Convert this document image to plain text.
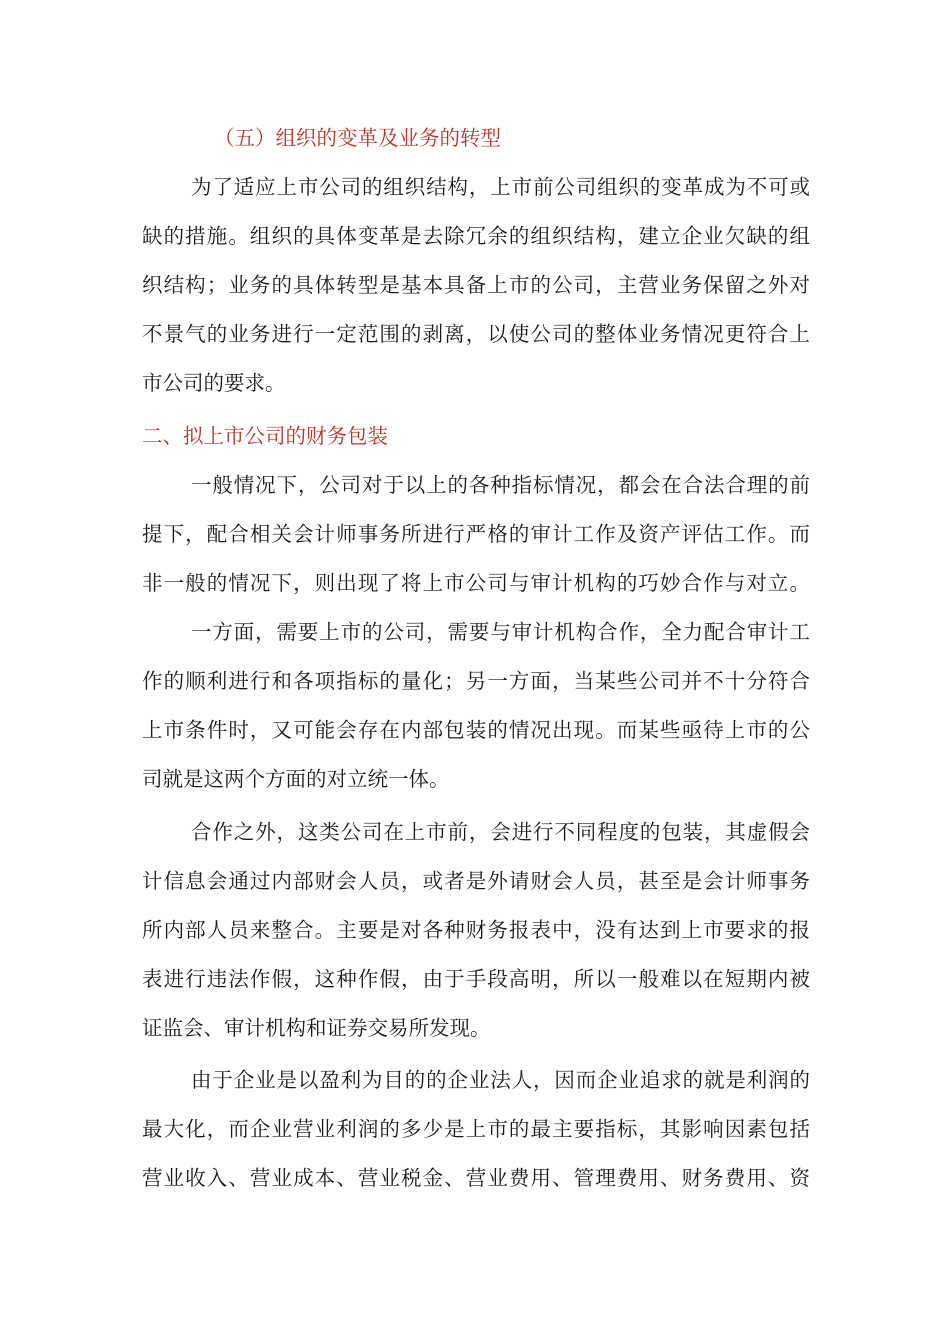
（五）组织的变革及业务的转型
为了适应上市公司的组织结构，上市前公司组织的变革成为不可或
缺的措施。组织的具体变革是去除冗余的组织结构，建立企业欠缺的组
织结构；业务的具体转型是基本具备上市的公司，主营业务保留之外对
不景气的业务进行一定范围的剥离，以使公司的整体业务情况更符合上
市公司的要求。
二、拟上市公司的财务包装
一般情况下，公司对于以上的各种指标情况，都会在合法合理的前
提下，配合相关会计师事务所进行严格的审计工作及资产评估工作。而
非一般的情况下，则出现了将上市公司与审计机构的巧妙合作与对立。
一方面，需要上市的公司，需要与审计机构合作，全力配合审计工
作的顺利进行和各项指标的量化；另一方面，当某些公司并不十分符合
上市条件时，又可能会存在内部包装的情况出现。而某些亟待上市的公
司就是这两个方面的对立统一体。
合作之外，这类公司在上市前，会进行不同程度的包装，其虚假会
计信息会通过内部财会人员，或者是外请财会人员，甚至是会计师事务
所内部人员来整合。主要是对各种财务报表中，没有达到上市要求的报
表进行违法作假，这种作假，由于手段高明，所以一般难以在短期内被
证监会、审计机构和证券交易所发现。
由于企业是以盈利为目的的企业法人，因而企业追求的就是利润的
最大化，而企业营业利润的多少是上市的最主要指标，其影响因素包括
营业收入、营业成本、营业税金、营业费用、管理费用、财务费用、资
